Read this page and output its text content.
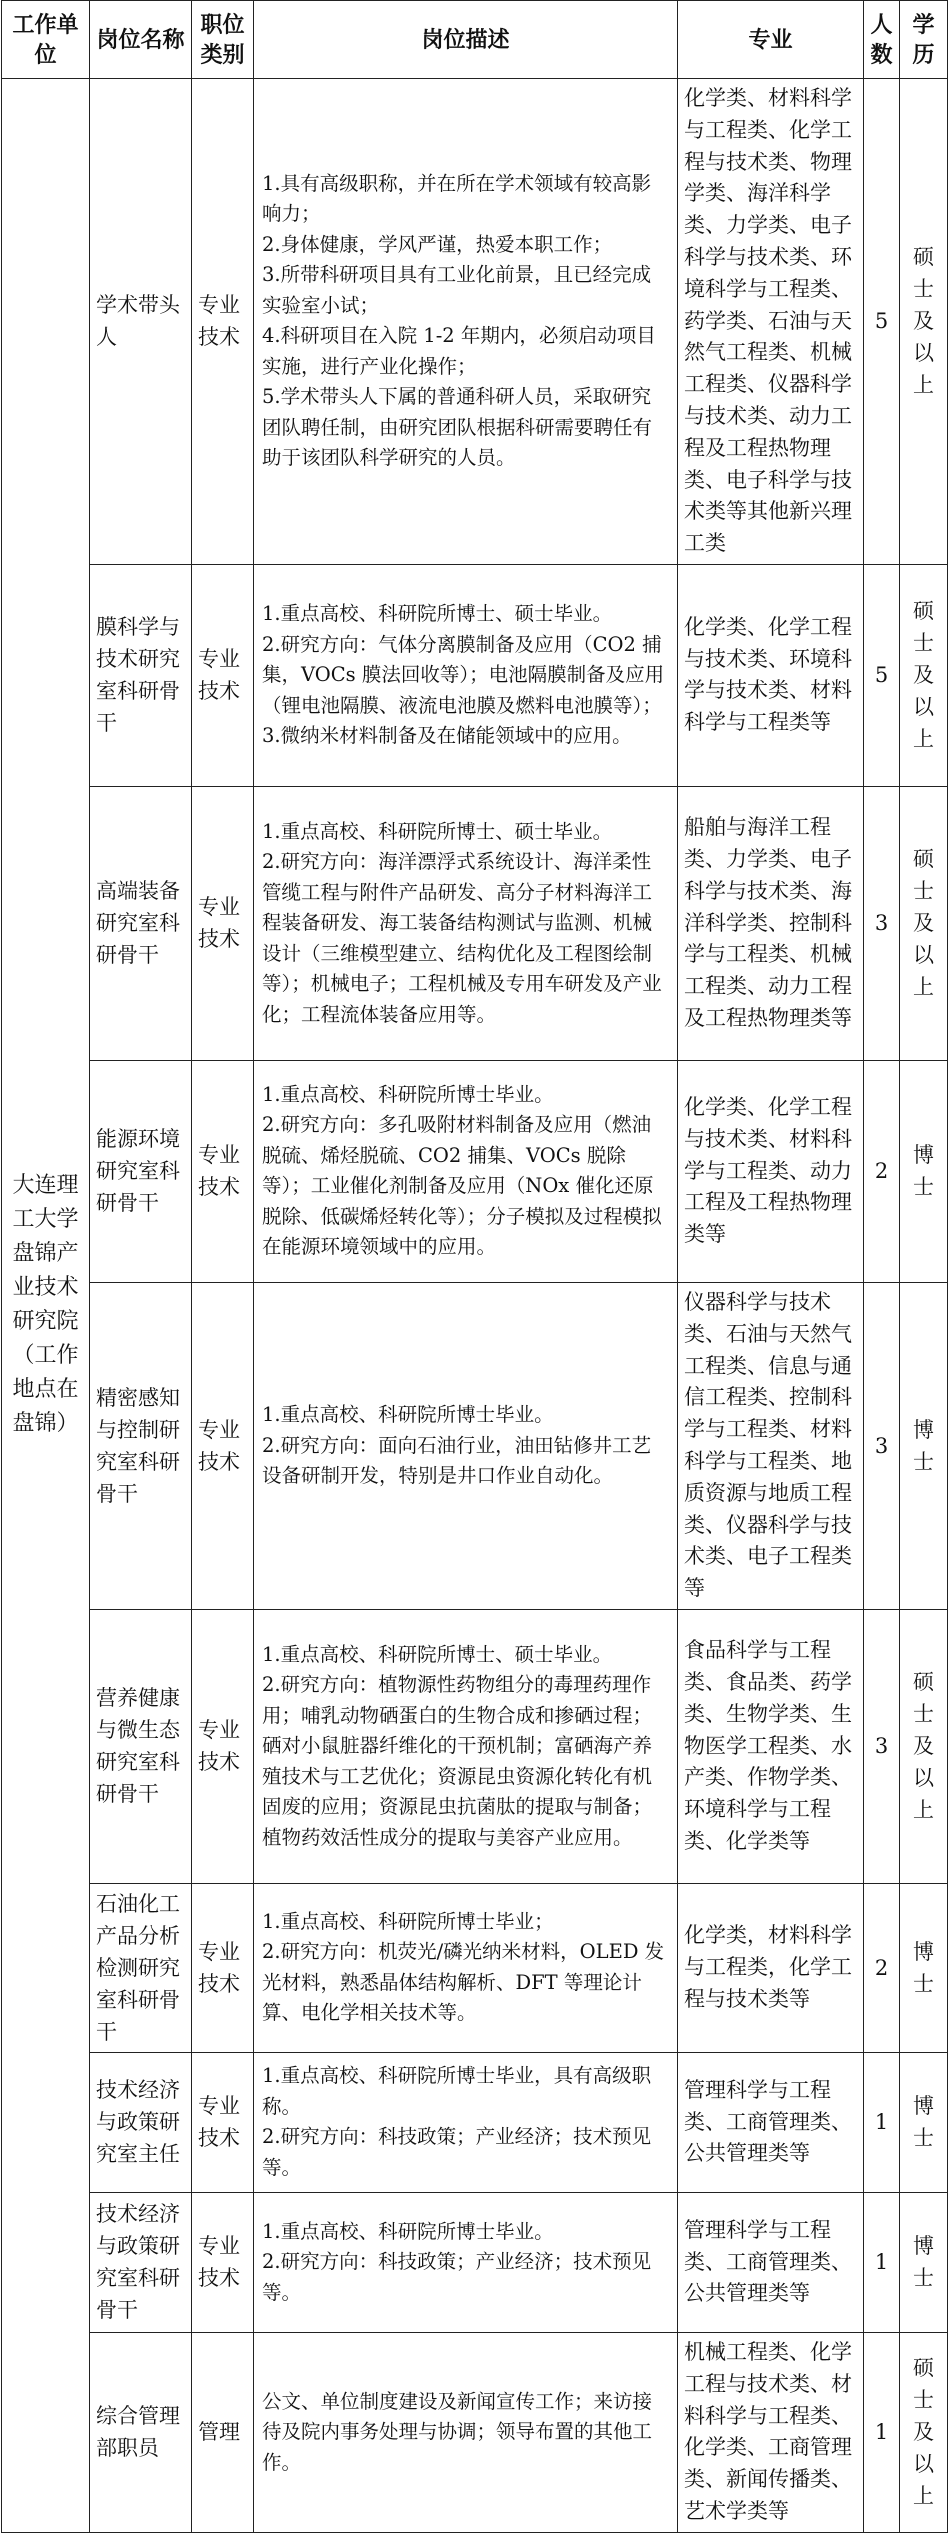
工作单位	岗位名称	职位类别	岗位描述	专业	人数	学历
大连理工大学盘锦产业技术研究院（工作地点在盘锦）	学术带头人	专业技术	1.具有高级职称，并在所在学术领域有较高影响力；
2.身体健康，学风严谨，热爱本职工作；
3.所带科研项目具有工业化前景，且已经完成实验室小试；
4.科研项目在入院 1-2 年期内，必须启动项目实施，进行产业化操作；
5.学术带头人下属的普通科研人员，采取研究团队聘任制，由研究团队根据科研需要聘任有助于该团队科学研究的人员。	化学类、材料科学与工程类、化学工程与技术类、物理学类、海洋科学类、力学类、电子科学与技术类、环境科学与工程类、药学类、石油与天然气工程类、机械工程类、仪器科学与技术类、动力工程及工程热物理类、电子科学与技术类等其他新兴理工类	5	硕士及以上
	膜科学与技术研究室科研骨干	专业技术	1.重点高校、科研院所博士、硕士毕业。
2.研究方向：气体分离膜制备及应用（CO2 捕集，VOCs 膜法回收等）；电池隔膜制备及应用（锂电池隔膜、液流电池膜及燃料电池膜等）；
3.微纳米材料制备及在储能领域中的应用。	化学类、化学工程与技术类、环境科学与技术类、材料科学与工程类等	5	硕士及以上
	高端装备研究室科研骨干	专业技术	1.重点高校、科研院所博士、硕士毕业。
2.研究方向：海洋漂浮式系统设计、海洋柔性管缆工程与附件产品研发、高分子材料海洋工程装备研发、海工装备结构测试与监测、机械设计（三维模型建立、结构优化及工程图绘制等）；机械电子；工程机械及专用车研发及产业化；工程流体装备应用等。	船舶与海洋工程类、力学类、电子科学与技术类、海洋科学类、控制科学与工程类、机械工程类、动力工程及工程热物理类等	3	硕士及以上
	能源环境研究室科研骨干	专业技术	1.重点高校、科研院所博士毕业。
2.研究方向：多孔吸附材料制备及应用（燃油脱硫、烯烃脱硫、CO2 捕集、VOCs 脱除等）；工业催化剂制备及应用（NOx 催化还原脱除、低碳烯烃转化等）；分子模拟及过程模拟在能源环境领域中的应用。	化学类、化学工程与技术类、材料科学与工程类、动力工程及工程热物理类等	2	博士
	精密感知与控制研究室科研骨干	专业技术	1.重点高校、科研院所博士毕业。
2.研究方向：面向石油行业，油田钻修井工艺设备研制开发，特别是井口作业自动化。	仪器科学与技术类、石油与天然气工程类、信息与通信工程类、控制科学与工程类、材料科学与工程类、地质资源与地质工程类、仪器科学与技术类、电子工程类等	3	博士
	营养健康与微生态研究室科研骨干	专业技术	1.重点高校、科研院所博士、硕士毕业。
2.研究方向：植物源性药物组分的毒理药理作用；哺乳动物硒蛋白的生物合成和掺硒过程；硒对小鼠脏器纤维化的干预机制；富硒海产养殖技术与工艺优化；资源昆虫资源化转化有机固废的应用；资源昆虫抗菌肽的提取与制备；植物药效活性成分的提取与美容产业应用。	食品科学与工程类、食品类、药学类、生物学类、生物医学工程类、水产类、作物学类、环境科学与工程类、化学类等	3	硕士及以上
	石油化工产品分析检测研究室科研骨干	专业技术	1.重点高校、科研院所博士毕业；
2.研究方向：机荧光/磷光纳米材料，OLED 发光材料，熟悉晶体结构解析、DFT 等理论计算、电化学相关技术等。	化学类，材料科学与工程类，化学工程与技术类等	2	博士
	技术经济与政策研究室主任	专业技术	1.重点高校、科研院所博士毕业，具有高级职称。
2.研究方向：科技政策；产业经济；技术预见等。	管理科学与工程类、工商管理类、公共管理类等	1	博士
	技术经济与政策研究室科研骨干	专业技术	1.重点高校、科研院所博士毕业。
2.研究方向：科技政策；产业经济；技术预见等。	管理科学与工程类、工商管理类、公共管理类等	1	博士
	综合管理部职员	管理	公文、单位制度建设及新闻宣传工作；来访接待及院内事务处理与协调；领导布置的其他工作。	机械工程类、化学工程与技术类、材料科学与工程类、化学类、工商管理类、新闻传播类、艺术学类等	1	硕士及以上
